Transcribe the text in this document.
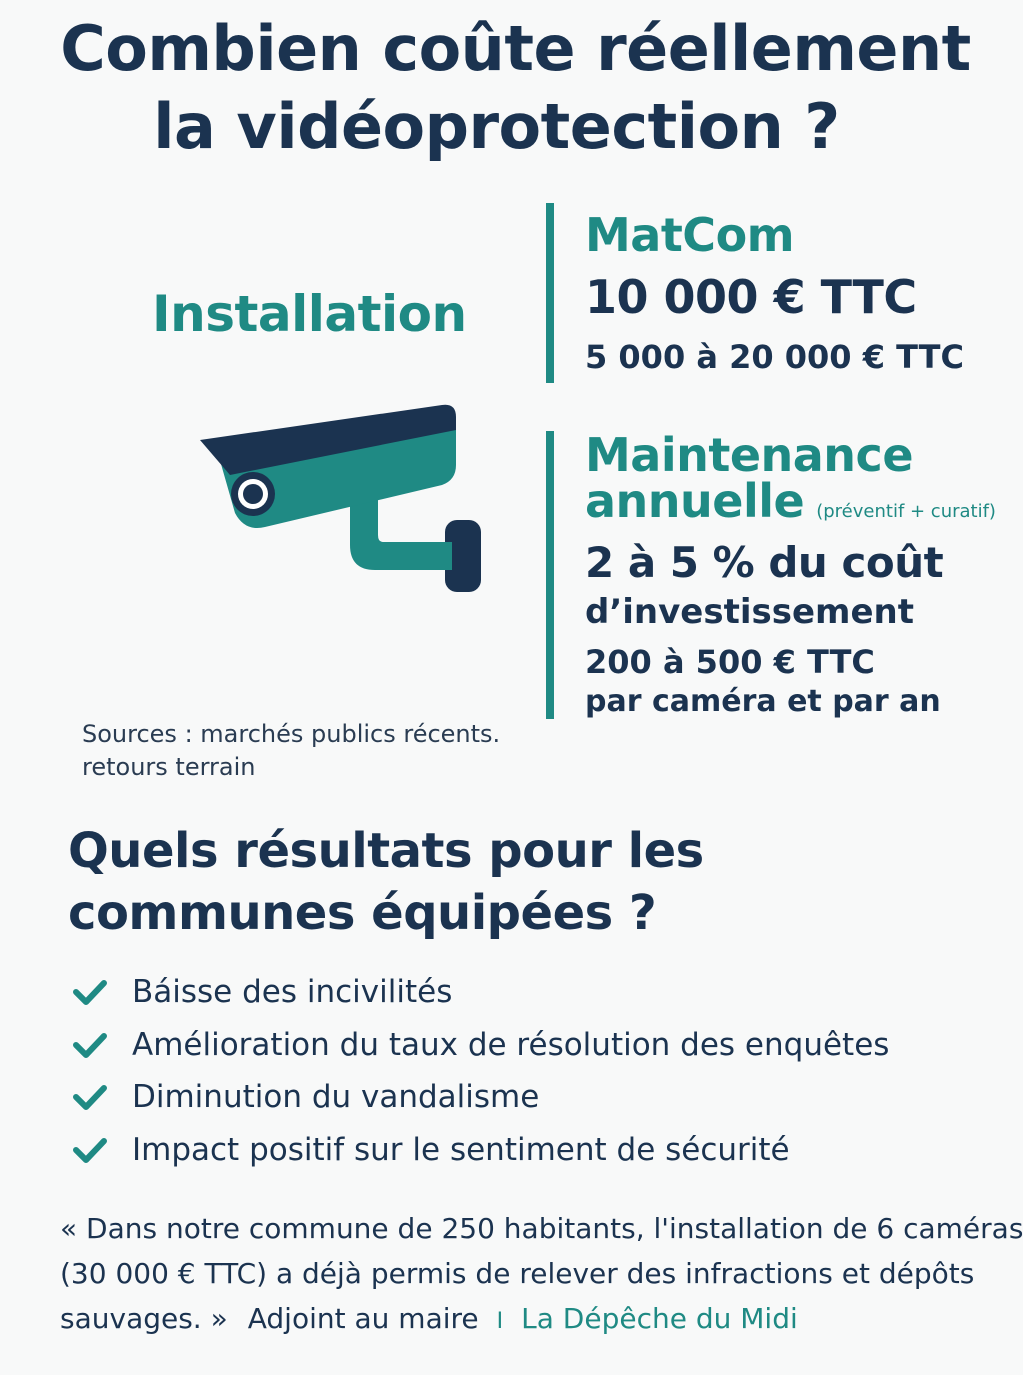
Combien coûte réellement
la vidéoprotection ?
Installation
MatCom
10 000 € TTC
5 000 à 20 000 € TTC
Maintenance
annuelle (préventif + curatif)
2 à 5 % du coût
d’investissement
200 à 500 € TTC
par caméra et par an
Sources : marchés publics récents.
retours terrain
Quels résultats pour les
communes équipées ?
Báisse des incivilités
Amélioration du taux de résolution des enquêtes
Diminution du vandalisme
Impact positif sur le sentiment de sécurité
« Dans notre commune de 250 habitants, l'installation de 6 caméras
(30 000 € TTC) a déjà permis de relever des infractions et dépôts
sauvages. » Adjoint au maire I La Dépêche du Midi
